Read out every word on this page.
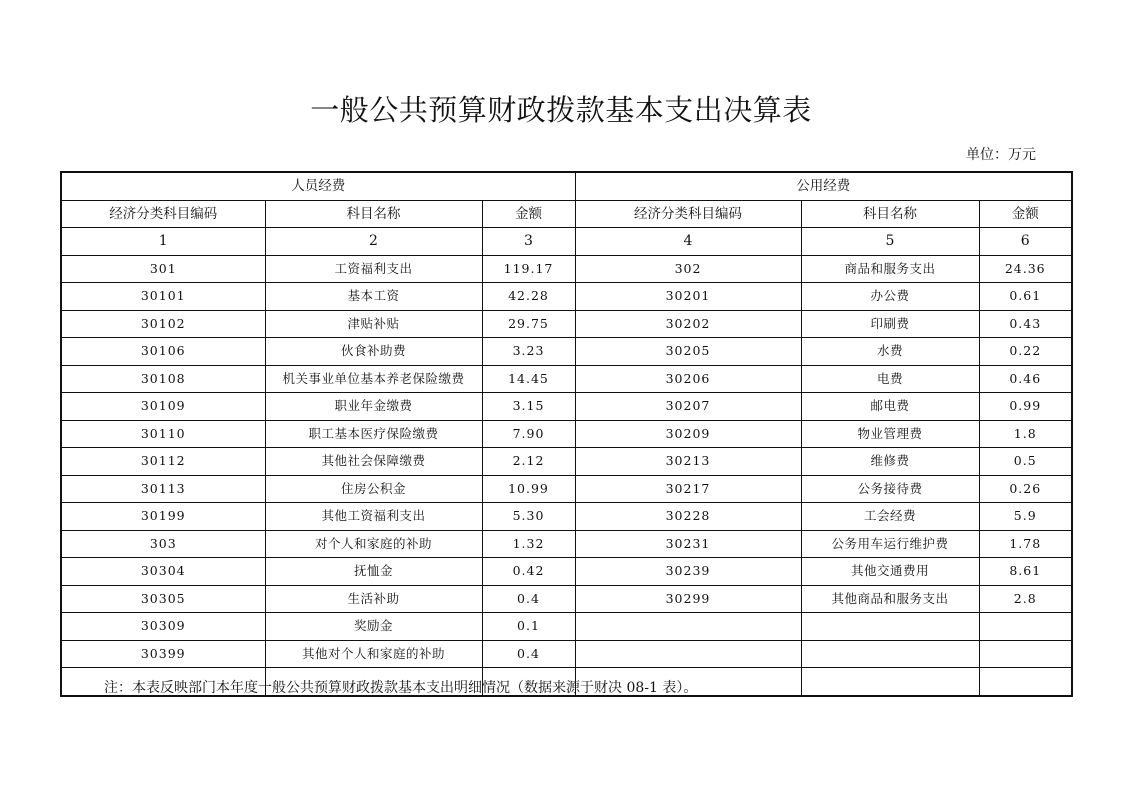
一般公共预算财政拨款基本支出决算表
单位：万元
人员经费			公用经费		
经济分类科目编码	科目名称	金额	经济分类科目编码	科目名称	金额
1	2	3	4	5	6
301	工资福利支出	119.17	302	商品和服务支出	24.36
30101	基本工资	42.28	30201	办公费	0.61
30102	津贴补贴	29.75	30202	印刷费	0.43
30106	伙食补助费	3.23	30205	水费	0.22
30108	机关事业单位基本养老保险缴费	14.45	30206	电费	0.46
30109	职业年金缴费	3.15	30207	邮电费	0.99
30110	职工基本医疗保险缴费	7.90	30209	物业管理费	1.8
30112	其他社会保障缴费	2.12	30213	维修费	0.5
30113	住房公积金	10.99	30217	公务接待费	0.26
30199	其他工资福利支出	5.30	30228	工会经费	5.9
303	对个人和家庭的补助	1.32	30231	公务用车运行维护费	1.78
30304	抚恤金	0.42	30239	其他交通费用	8.61
30305	生活补助	0.4	30299	其他商品和服务支出	2.8
30309	奖励金	0.1			
30399	其他对个人和家庭的补助	0.4			

注：本表反映部门本年度一般公共预算财政拨款基本支出明细情况（数据来源于财决 08-1 表）。
